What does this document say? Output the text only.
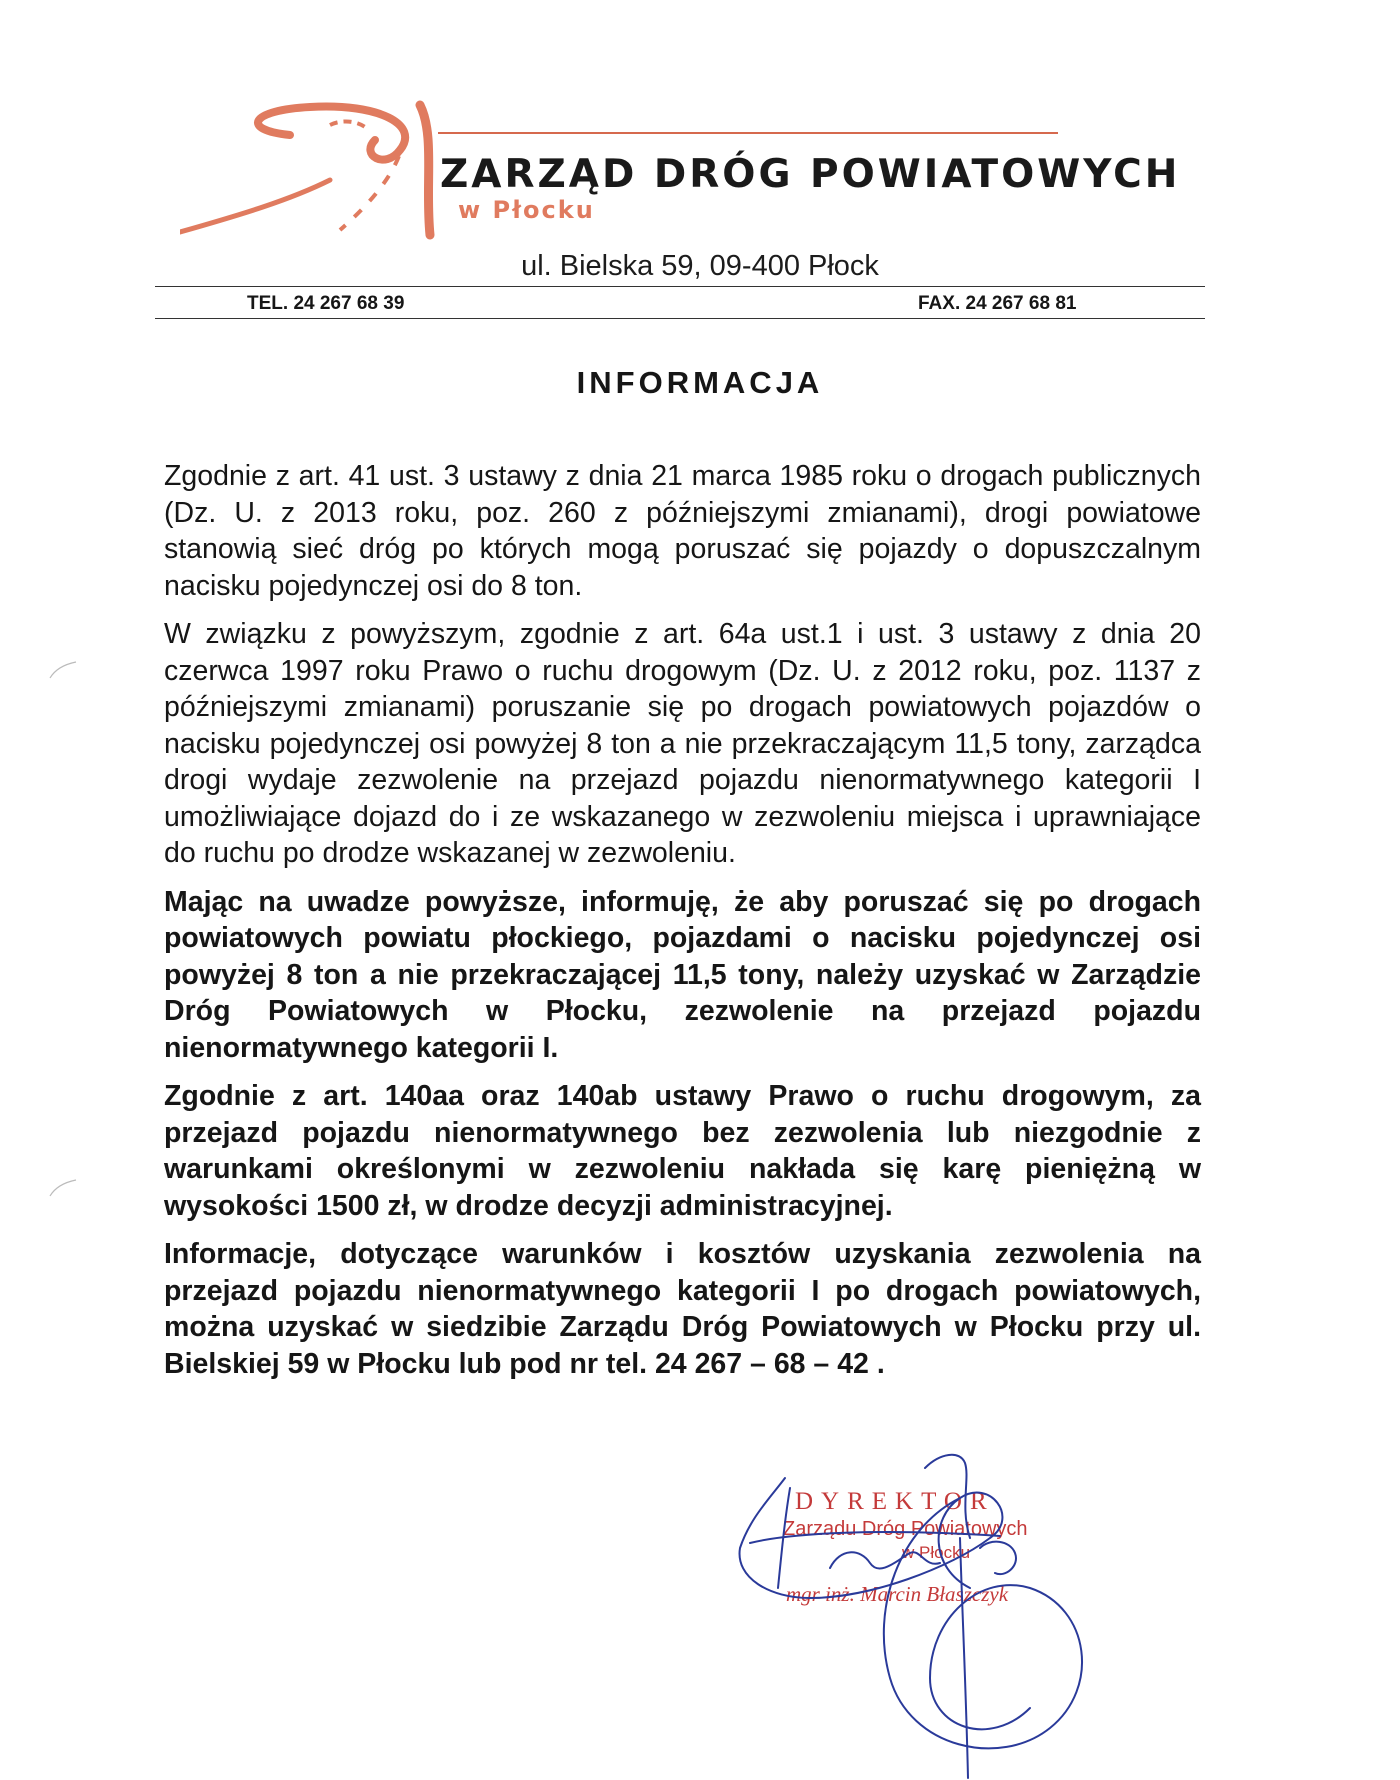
ZARZĄD DRÓG POWIATOWYCH
w Płocku
ul. Bielska 59, 09-400 Płock
TEL. 24 267 68 39	FAX. 24 267 68 81
INFORMACJA

Zgodnie z art. 41 ust. 3 ustawy z dnia 21 marca 1985 roku o drogach publicznych (Dz. U. z 2013 roku, poz. 260 z późniejszymi zmianami), drogi powiatowe stanowią sieć dróg po których mogą poruszać się pojazdy o dopuszczalnym nacisku pojedynczej osi do 8 ton.

W związku z powyższym, zgodnie z art. 64a ust.1 i ust. 3 ustawy z dnia 20 czerwca 1997 roku Prawo o ruchu drogowym (Dz. U. z 2012 roku, poz. 1137 z późniejszymi zmianami) poruszanie się po drogach powiatowych pojazdów o nacisku pojedynczej osi powyżej 8 ton a nie przekraczającym 11,5 tony, zarządca drogi wydaje zezwolenie na przejazd pojazdu nienormatywnego kategorii I umożliwiające dojazd do i ze wskazanego w zezwoleniu miejsca i uprawniające do ruchu po drodze wskazanej w zezwoleniu.

Mając na uwadze powyższe, informuję, że aby poruszać się po drogach powiatowych powiatu płockiego, pojazdami o nacisku pojedynczej osi powyżej 8 ton a nie przekraczającej 11,5 tony, należy uzyskać w Zarządzie Dróg Powiatowych w Płocku, zezwolenie na przejazd pojazdu nienormatywnego kategorii I.

Zgodnie z art. 140aa oraz 140ab ustawy Prawo o ruchu drogowym, za przejazd pojazdu nienormatywnego bez zezwolenia lub niezgodnie z warunkami określonymi w zezwoleniu nakłada się karę pieniężną w wysokości 1500 zł, w drodze decyzji administracyjnej.

Informacje, dotyczące warunków i kosztów uzyskania zezwolenia na przejazd pojazdu nienormatywnego kategorii I po drogach powiatowych, można uzyskać w siedzibie Zarządu Dróg Powiatowych w Płocku przy ul. Bielskiej 59 w Płocku lub pod nr tel. 24 267 – 68 – 42 .

DYREKTOR
Zarządu Dróg Powiatowych
w Płocku
mgr inż. Marcin Błaszczyk
